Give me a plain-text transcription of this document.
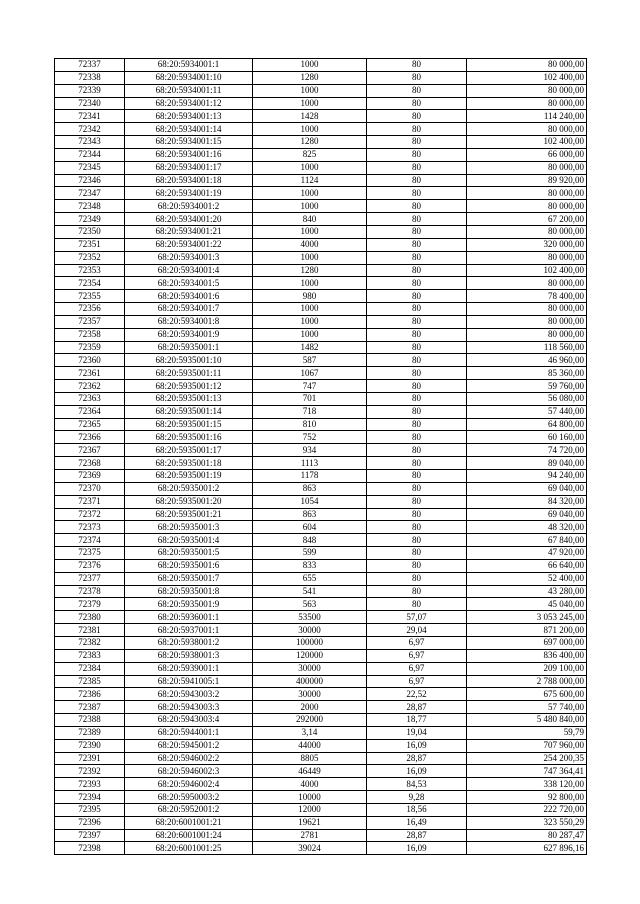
72337	68:20:5934001:1	1000	80	80 000,00
72338	68:20:5934001:10	1280	80	102 400,00
72339	68:20:5934001:11	1000	80	80 000,00
72340	68:20:5934001:12	1000	80	80 000,00
72341	68:20:5934001:13	1428	80	114 240,00
72342	68:20:5934001:14	1000	80	80 000,00
72343	68:20:5934001:15	1280	80	102 400,00
72344	68:20:5934001:16	825	80	66 000,00
72345	68:20:5934001:17	1000	80	80 000,00
72346	68:20:5934001:18	1124	80	89 920,00
72347	68:20:5934001:19	1000	80	80 000,00
72348	68:20:5934001:2	1000	80	80 000,00
72349	68:20:5934001:20	840	80	67 200,00
72350	68:20:5934001:21	1000	80	80 000,00
72351	68:20:5934001:22	4000	80	320 000,00
72352	68:20:5934001:3	1000	80	80 000,00
72353	68:20:5934001:4	1280	80	102 400,00
72354	68:20:5934001:5	1000	80	80 000,00
72355	68:20:5934001:6	980	80	78 400,00
72356	68:20:5934001:7	1000	80	80 000,00
72357	68:20:5934001:8	1000	80	80 000,00
72358	68:20:5934001:9	1000	80	80 000,00
72359	68:20:5935001:1	1482	80	118 560,00
72360	68:20:5935001:10	587	80	46 960,00
72361	68:20:5935001:11	1067	80	85 360,00
72362	68:20:5935001:12	747	80	59 760,00
72363	68:20:5935001:13	701	80	56 080,00
72364	68:20:5935001:14	718	80	57 440,00
72365	68:20:5935001:15	810	80	64 800,00
72366	68:20:5935001:16	752	80	60 160,00
72367	68:20:5935001:17	934	80	74 720,00
72368	68:20:5935001:18	1113	80	89 040,00
72369	68:20:5935001:19	1178	80	94 240,00
72370	68:20:5935001:2	863	80	69 040,00
72371	68:20:5935001:20	1054	80	84 320,00
72372	68:20:5935001:21	863	80	69 040,00
72373	68:20:5935001:3	604	80	48 320,00
72374	68:20:5935001:4	848	80	67 840,00
72375	68:20:5935001:5	599	80	47 920,00
72376	68:20:5935001:6	833	80	66 640,00
72377	68:20:5935001:7	655	80	52 400,00
72378	68:20:5935001:8	541	80	43 280,00
72379	68:20:5935001:9	563	80	45 040,00
72380	68:20:5936001:1	53500	57,07	3 053 245,00
72381	68:20:5937001:1	30000	29,04	871 200,00
72382	68:20:5938001:2	100000	6,97	697 000,00
72383	68:20:5938001:3	120000	6,97	836 400,00
72384	68:20:5939001:1	30000	6,97	209 100,00
72385	68:20:5941005:1	400000	6,97	2 788 000,00
72386	68:20:5943003:2	30000	22,52	675 600,00
72387	68:20:5943003:3	2000	28,87	57 740,00
72388	68:20:5943003:4	292000	18,77	5 480 840,00
72389	68:20:5944001:1	3,14	19,04	59,79
72390	68:20:5945001:2	44000	16,09	707 960,00
72391	68:20:5946002:2	8805	28,87	254 200,35
72392	68:20:5946002:3	46449	16,09	747 364,41
72393	68:20:5946002:4	4000	84,53	338 120,00
72394	68:20:5950003:2	10000	9,28	92 800,00
72395	68:20:5952001:2	12000	18,56	222 720,00
72396	68:20:6001001:21	19621	16,49	323 550,29
72397	68:20:6001001:24	2781	28,87	80 287,47
72398	68:20:6001001:25	39024	16,09	627 896,16
